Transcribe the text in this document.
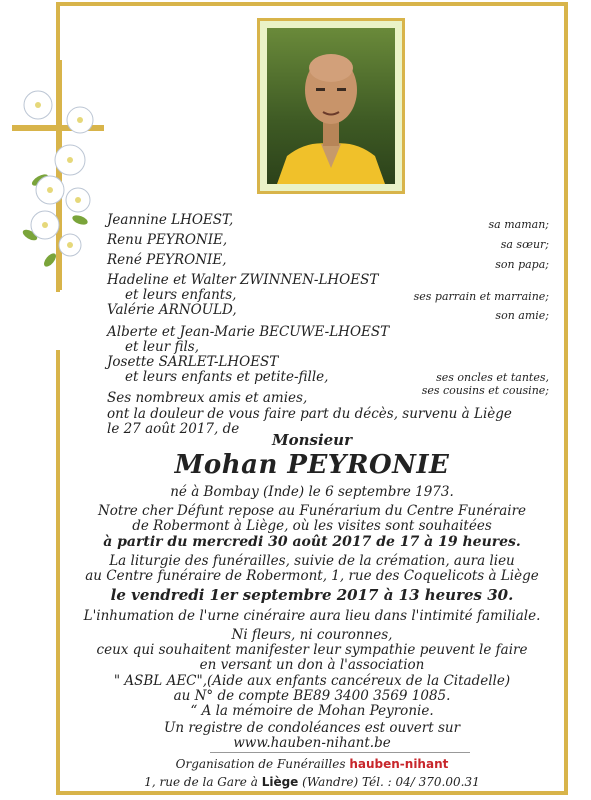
Jeannine LHOEST,	sa maman;
Renu PEYRONIE,	sa sœur;
René PEYRONIE,	son papa;
Hadeline et Walter ZWINNEN-LHOEST
et leurs enfants,	ses parrain et marraine;
Valérie ARNOULD,	son amie;
Alberte et Jean-Marie BECUWE-LHOEST
et leur fils,
Josette SARLET-LHOEST
et leurs enfants et petite-fille,	ses oncles et tantes,
ses cousins et cousine;
Ses nombreux amis et amies,
ont la douleur de vous faire part du décès, survenu à Liège
le 27 août 2017, de
Monsieur
Mohan PEYRONIE
né à Bombay (Inde) le 6 septembre 1973.
Notre cher Défunt repose au Funérarium du Centre Funéraire
de Robermont à Liège, où les visites sont souhaitées
à partir du mercredi 30 août 2017 de 17 à 19 heures.
La liturgie des funérailles, suivie de la crémation, aura lieu
au Centre funéraire de Robermont, 1, rue des Coquelicots à Liège
le vendredi 1er septembre 2017 à 13 heures 30.
L'inhumation de l'urne cinéraire aura lieu dans l'intimité familiale.
Ni fleurs, ni couronnes,
ceux qui souhaitent manifester leur sympathie peuvent le faire
en versant un don à l'association
" ASBL AEC",(Aide aux enfants cancéreux de la Citadelle)
au N° de compte BE89 3400 3569 1085.
“ A la mémoire de Mohan Peyronie.
Un registre de condoléances est ouvert sur
www.hauben-nihant.be
Organisation de Funérailles hauben-nihant
1, rue de la Gare à Liège (Wandre) Tél. : 04/ 370.00.31
